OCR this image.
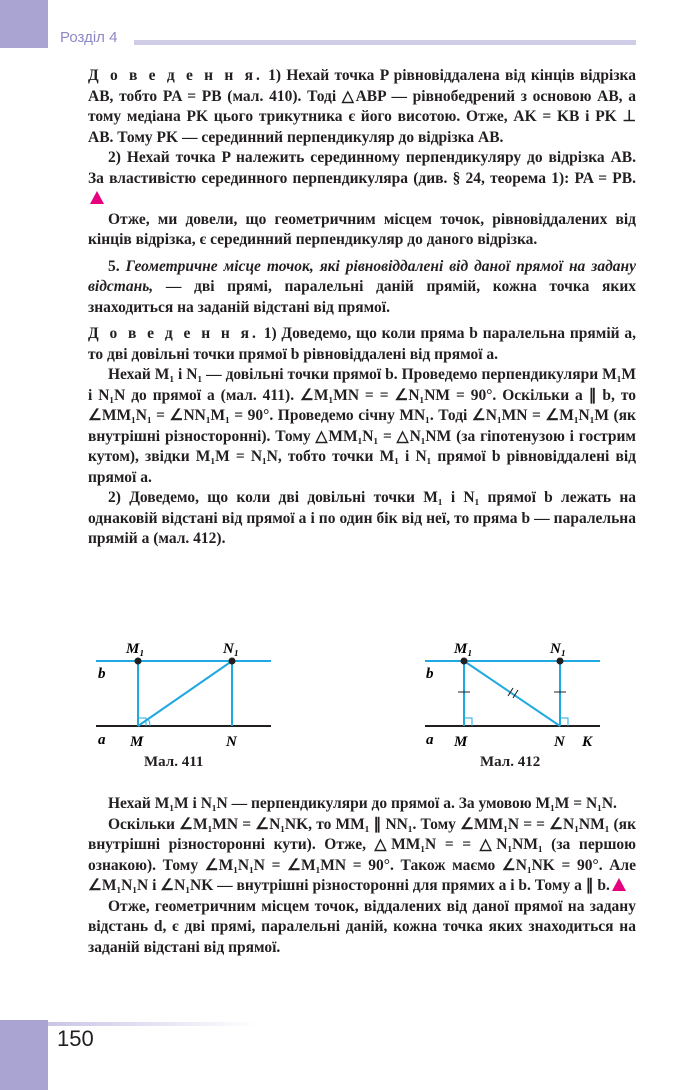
Розділ 4

Д о в е д е н н я. 1) Нехай точка P рівновіддалена від кінців відрізка AB, тобто PA = PB (мал. 410). Тоді △ABP — рівнобедрений з основою AB, а тому медіана PK цього трикутника є його висотою. Отже, AK = KB і PK ⊥ AB. Тому PK — серединний перпендикуляр до відрізка AB.

2) Нехай точка P належить серединному перпендикуляру до відрізка AB. За властивістю серединного перпендикуляра (див. § 24, теорема 1): PA = PB.

Отже, ми довели, що геометричним місцем точок, рівновіддалених від кінців відрізка, є серединний перпендикуляр до даного відрізка.

5. Геометричне місце точок, які рівновіддалені від даної прямої на задану відстань, — дві прямі, паралельні даній прямій, кожна точка яких знаходиться на заданій відстані від прямої.

Д о в е д е н н я. 1) Доведемо, що коли пряма b паралельна прямій a, то дві довільні точки прямої b рівновіддалені від прямої a.

Нехай M₁ і N₁ — довільні точки прямої b. Проведемо перпендикуляри M₁M і N₁N до прямої a (мал. 411). ∠M₁MN = = ∠N₁NM = 90°. Оскільки a ∥ b, то ∠MM₁N₁ = ∠NN₁M₁ = 90°. Проведемо січну MN₁. Тоді ∠N₁MN = ∠M₁N₁M (як внутрішні різносторонні). Тому △MM₁N₁ = △N₁NM (за гіпотенузою і гострим кутом), звідки M₁M = N₁N, тобто точки M₁ і N₁ прямої b рівновіддалені від прямої a.

2) Доведемо, що коли дві довільні точки M₁ і N₁ прямої b лежать на однаковій відстані від прямої a і по один бік від неї, то пряма b — паралельна прямій a (мал. 412).

M₁	N₁
b
a M	N
M₁	N₁
b
a M	N K
Мал. 411	Мал. 412

Нехай M₁M і N₁N — перпендикуляри до прямої a. За умовою M₁M = N₁N.

Оскільки ∠M₁MN = ∠N₁NK, то MM₁ ∥ NN₁. Тому ∠MM₁N = = ∠N₁NM₁ (як внутрішні різносторонні кути). Отже, △MM₁N = = △N₁NM₁ (за першою ознакою). Тому ∠M₁N₁N = ∠M₁MN = 90°. Також маємо ∠N₁NK = 90°. Але ∠M₁N₁N і ∠N₁NK — внутрішні різносторонні для прямих a і b. Тому a ∥ b.

Отже, геометричним місцем точок, віддалених від даної прямої на задану відстань d, є дві прямі, паралельні даній, кожна точка яких знаходиться на заданій відстані від прямої.

150
